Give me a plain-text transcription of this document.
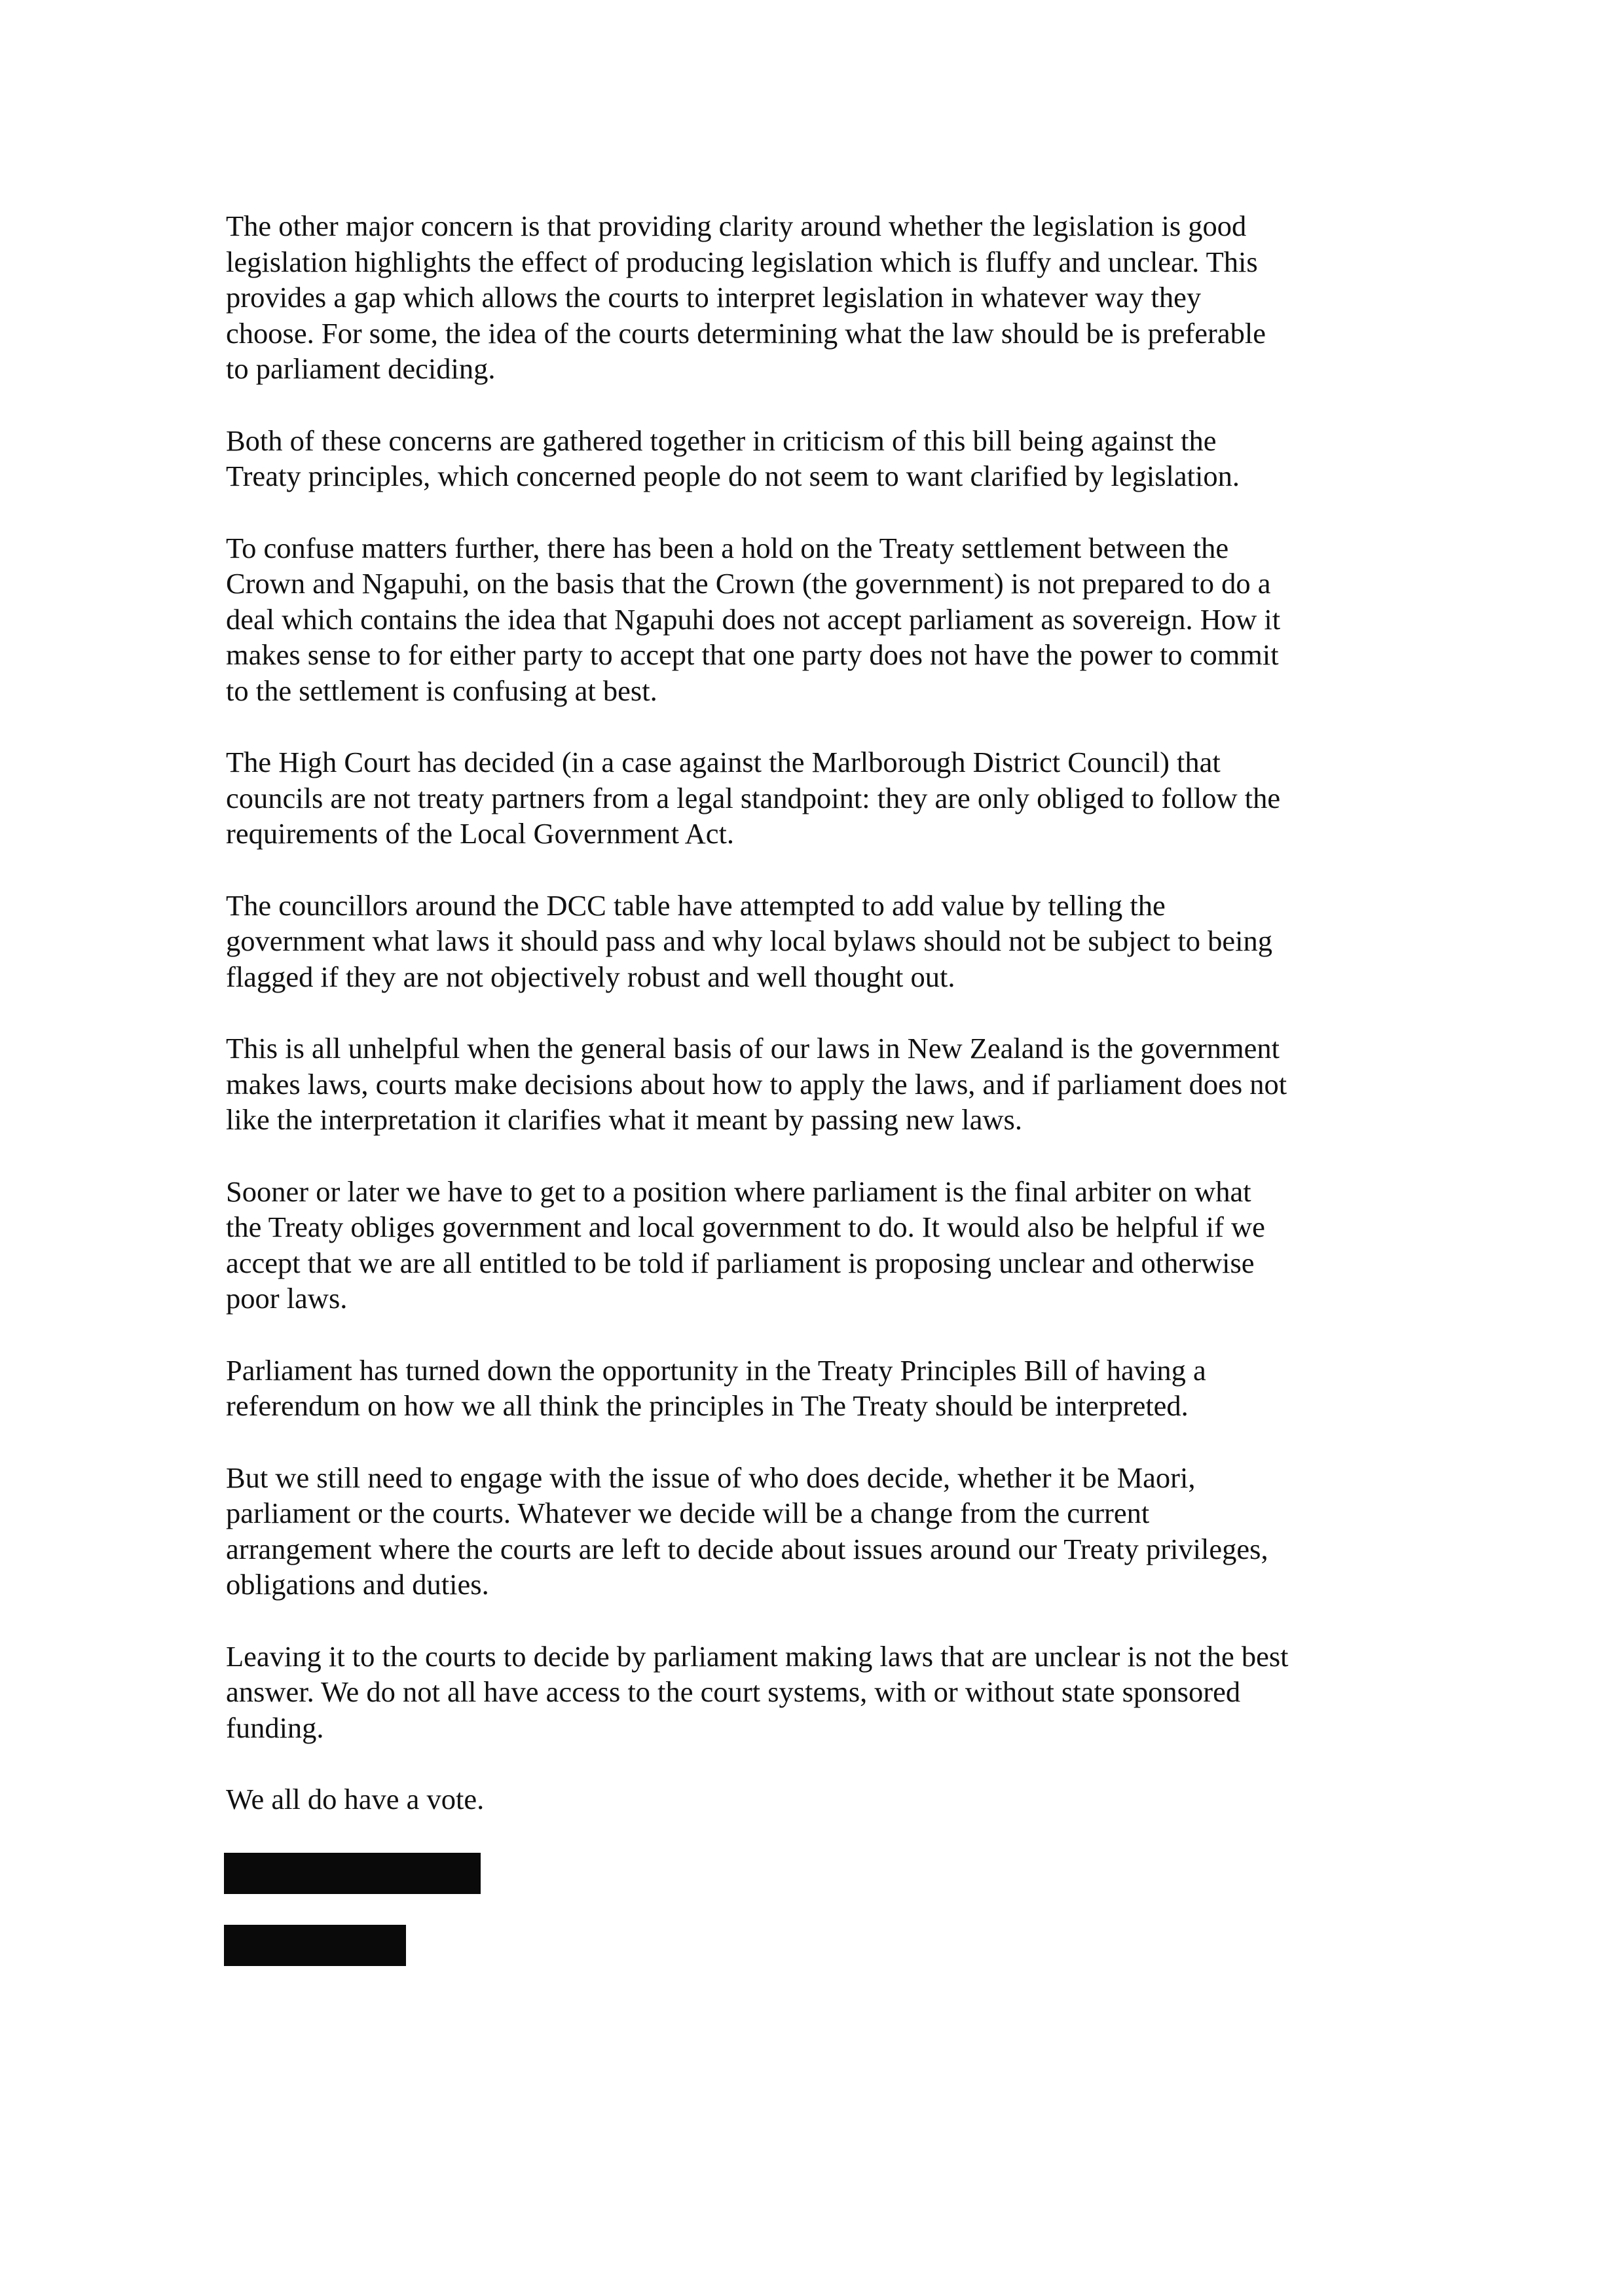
The other major concern is that providing clarity around whether the legislation is good
legislation highlights the effect of producing legislation which is fluffy and unclear. This
provides a gap which allows the courts to interpret legislation in whatever way they
choose. For some, the idea of the courts determining what the law should be is preferable
to parliament deciding.

Both of these concerns are gathered together in criticism of this bill being against the
Treaty principles, which concerned people do not seem to want clarified by legislation.

To confuse matters further, there has been a hold on the Treaty settlement between the
Crown and Ngapuhi, on the basis that the Crown (the government) is not prepared to do a
deal which contains the idea that Ngapuhi does not accept parliament as sovereign. How it
makes sense to for either party to accept that one party does not have the power to commit
to the settlement is confusing at best.

The High Court has decided (in a case against the Marlborough District Council) that
councils are not treaty partners from a legal standpoint: they are only obliged to follow the
requirements of the Local Government Act.

The councillors around the DCC table have attempted to add value by telling the
government what laws it should pass and why local bylaws should not be subject to being
flagged if they are not objectively robust and well thought out.

This is all unhelpful when the general basis of our laws in New Zealand is the government
makes laws, courts make decisions about how to apply the laws, and if parliament does not
like the interpretation it clarifies what it meant by passing new laws.

Sooner or later we have to get to a position where parliament is the final arbiter on what
the Treaty obliges government and local government to do. It would also be helpful if we
accept that we are all entitled to be told if parliament is proposing unclear and otherwise
poor laws.

Parliament has turned down the opportunity in the Treaty Principles Bill of having a
referendum on how we all think the principles in The Treaty should be interpreted.

But we still need to engage with the issue of who does decide, whether it be Maori,
parliament or the courts. Whatever we decide will be a change from the current
arrangement where the courts are left to decide about issues around our Treaty privileges,
obligations and duties.

Leaving it to the courts to decide by parliament making laws that are unclear is not the best
answer. We do not all have access to the court systems, with or without state sponsored
funding.

We all do have a vote.
